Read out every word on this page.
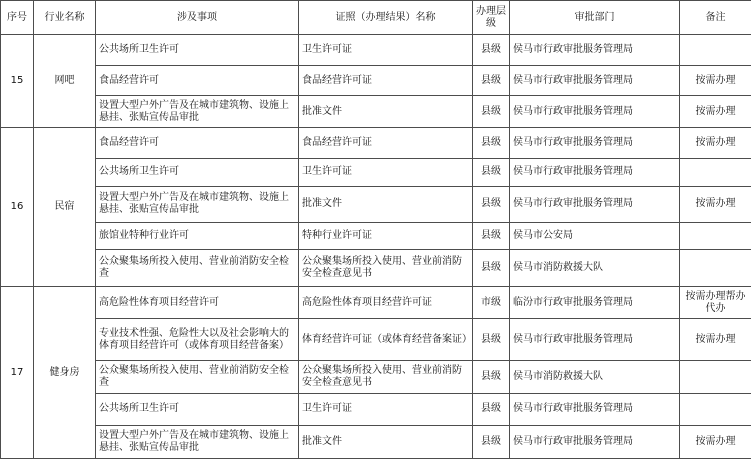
序号	行业名称	涉及事项	证照（办理结果）名称	办理层级	审批部门	备注
15	网吧	公共场所卫生许可	卫生许可证	县级	侯马市行政审批服务管理局	
		食品经营许可	食品经营许可证	县级	侯马市行政审批服务管理局	按需办理
		设置大型户外广告及在城市建筑物、设施上悬挂、张贴宣传品审批	批准文件	县级	侯马市行政审批服务管理局	按需办理
16	民宿	食品经营许可	食品经营许可证	县级	侯马市行政审批服务管理局	按需办理
		公共场所卫生许可	卫生许可证	县级	侯马市行政审批服务管理局	
		设置大型户外广告及在城市建筑物、设施上悬挂、张贴宣传品审批	批准文件	县级	侯马市行政审批服务管理局	按需办理
		旅馆业特种行业许可	特种行业许可证	县级	侯马市公安局	
		公众聚集场所投入使用、营业前消防安全检查	公众聚集场所投入使用、营业前消防安全检查意见书	县级	侯马市消防救援大队	
17	健身房	高危险性体育项目经营许可	高危险性体育项目经营许可证	市级	临汾市行政审批服务管理局	按需办理帮办代办
		专业技术性强、危险性大以及社会影响大的体育项目经营许可（或体育项目经营备案）	体育经营许可证（或体育经营备案证）	县级	侯马市行政审批服务管理局	按需办理
		公众聚集场所投入使用、营业前消防安全检查	公众聚集场所投入使用、营业前消防安全检查意见书	县级	侯马市消防救援大队	
		公共场所卫生许可	卫生许可证	县级	侯马市行政审批服务管理局	
		设置大型户外广告及在城市建筑物、设施上悬挂、张贴宣传品审批	批准文件	县级	侯马市行政审批服务管理局	按需办理
